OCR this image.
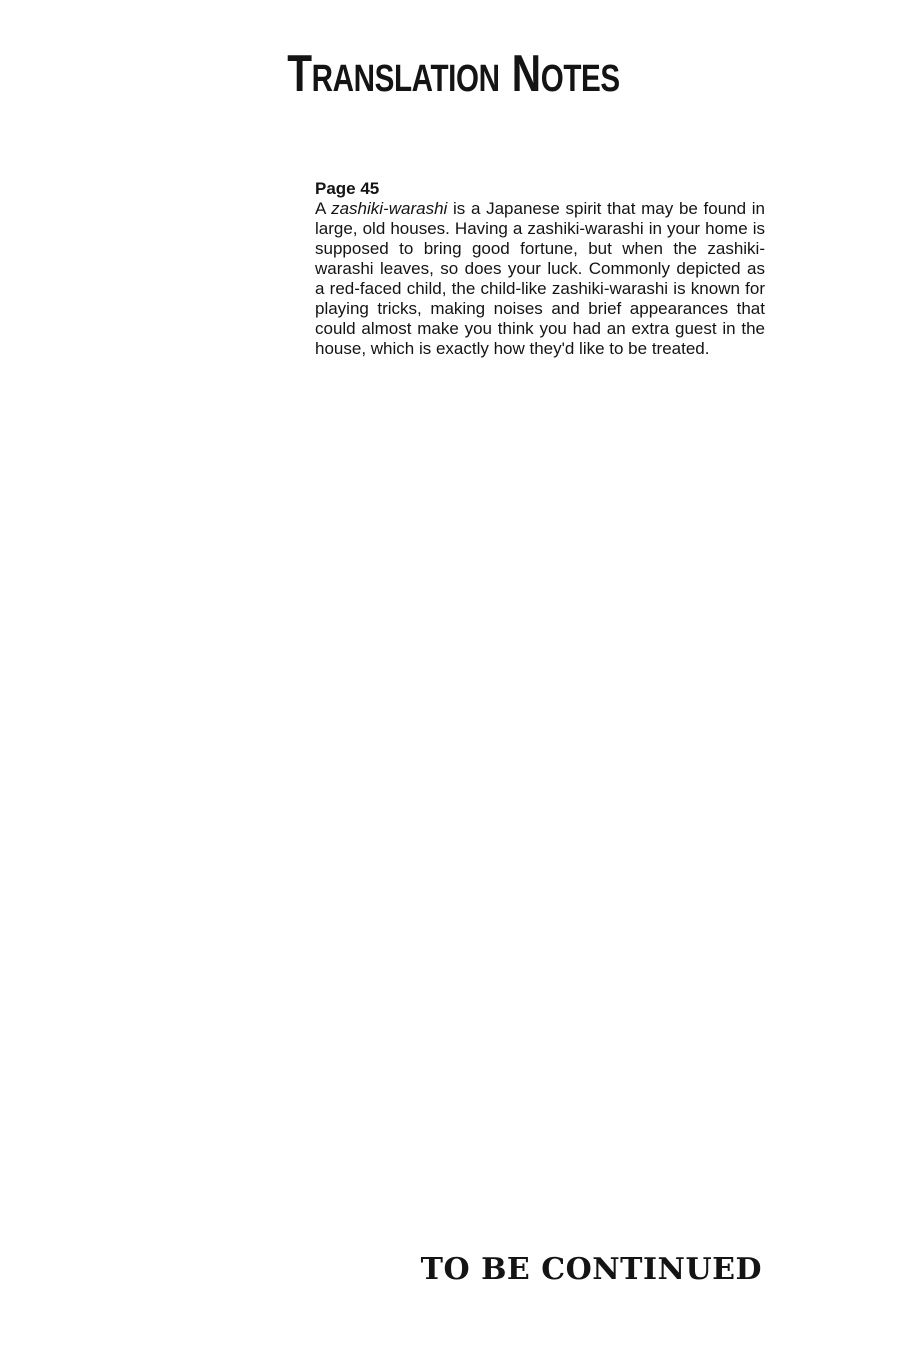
TRANSLATION NOTES

Page 45

A zashiki-warashi is a Japanese spirit that may be found in large, old houses. Having a zashiki-warashi in your home is supposed to bring good fortune, but when the zashiki-warashi leaves, so does your luck. Commonly depicted as a red-faced child, the child-like zashiki-warashi is known for playing tricks, making noises and brief appearances that could almost make you think you had an extra guest in the house, which is exactly how they'd like to be treated.

TO BE CONTINUED
